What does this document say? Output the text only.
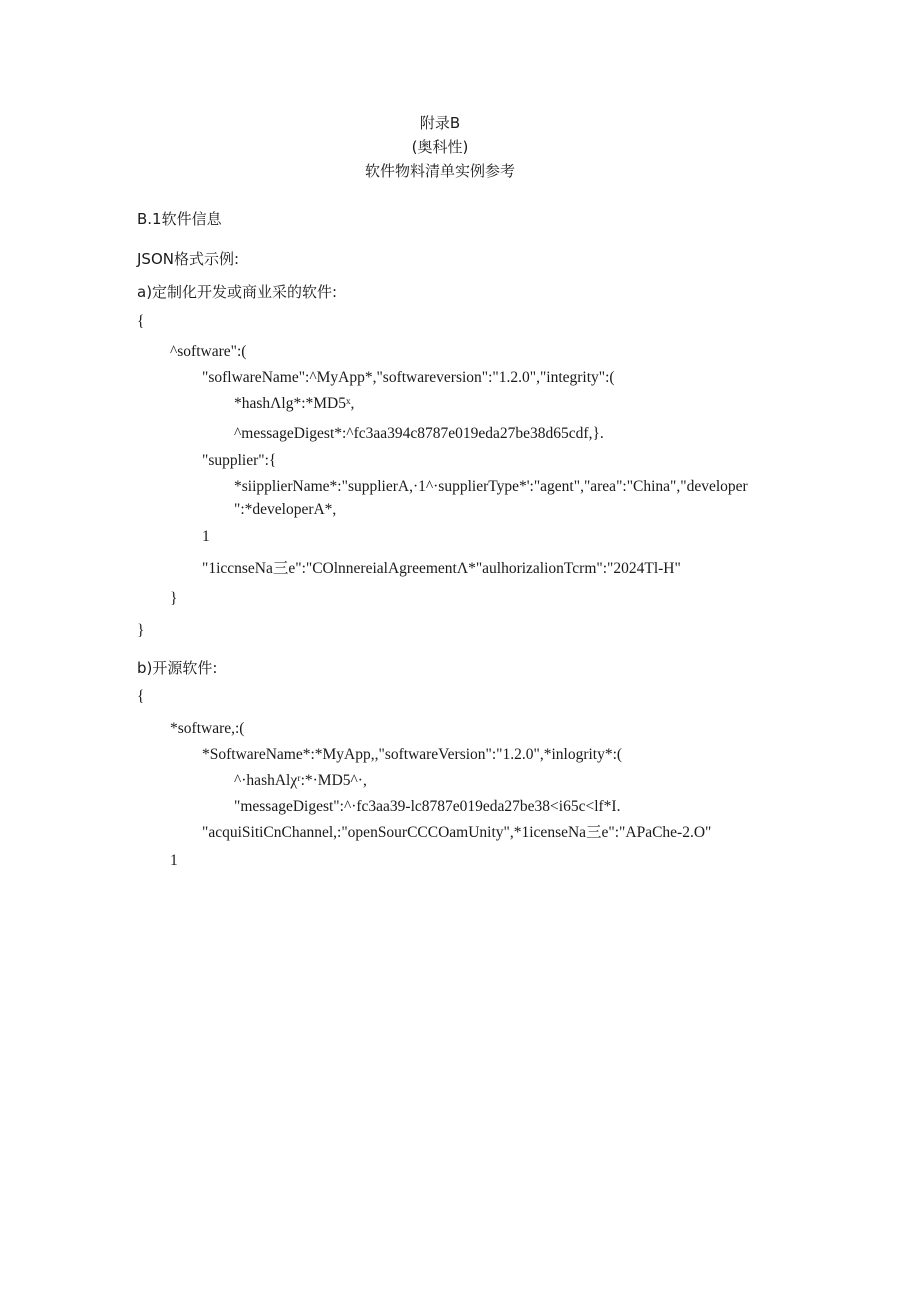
附录B
(奥科性)
软件物料清单实例参考
B.1软件信息
JSON格式示例:
a)定制化开发或商业采的软件:
{
^software":(
"soflwareName":^MyApp*,"softwareversion":"1.2.0","integrity":(
*hashΛlg*:*MD5ˣ,
^messageDigest*:^fc3aa394c8787e019eda27be38d65cdf,}.
"supplier":{
*siipplierName*:"supplierA,·1^·supplierType*':"agent","area":"China","developer
":*developerA*,
1
"1iccnseNa三e":"COlnnereialAgreementΛ*"aulhorizalionTcrm":"2024Tl-H"
}
}
b)开源软件:
{
*software,:(
*SoftwareName*:*MyApp,,"softwareVersion":"1.2.0",*inlogrity*:(
^·hashAlχʳ:*·MD5^·,
"messageDigest":^·fc3aa39-lc8787e019eda27be38<i65c<lf*I.
"acquiSitiCnChannel,:"openSourCCCOamUnity",*1icenseNa三e":"APaChe-2.O"
1
